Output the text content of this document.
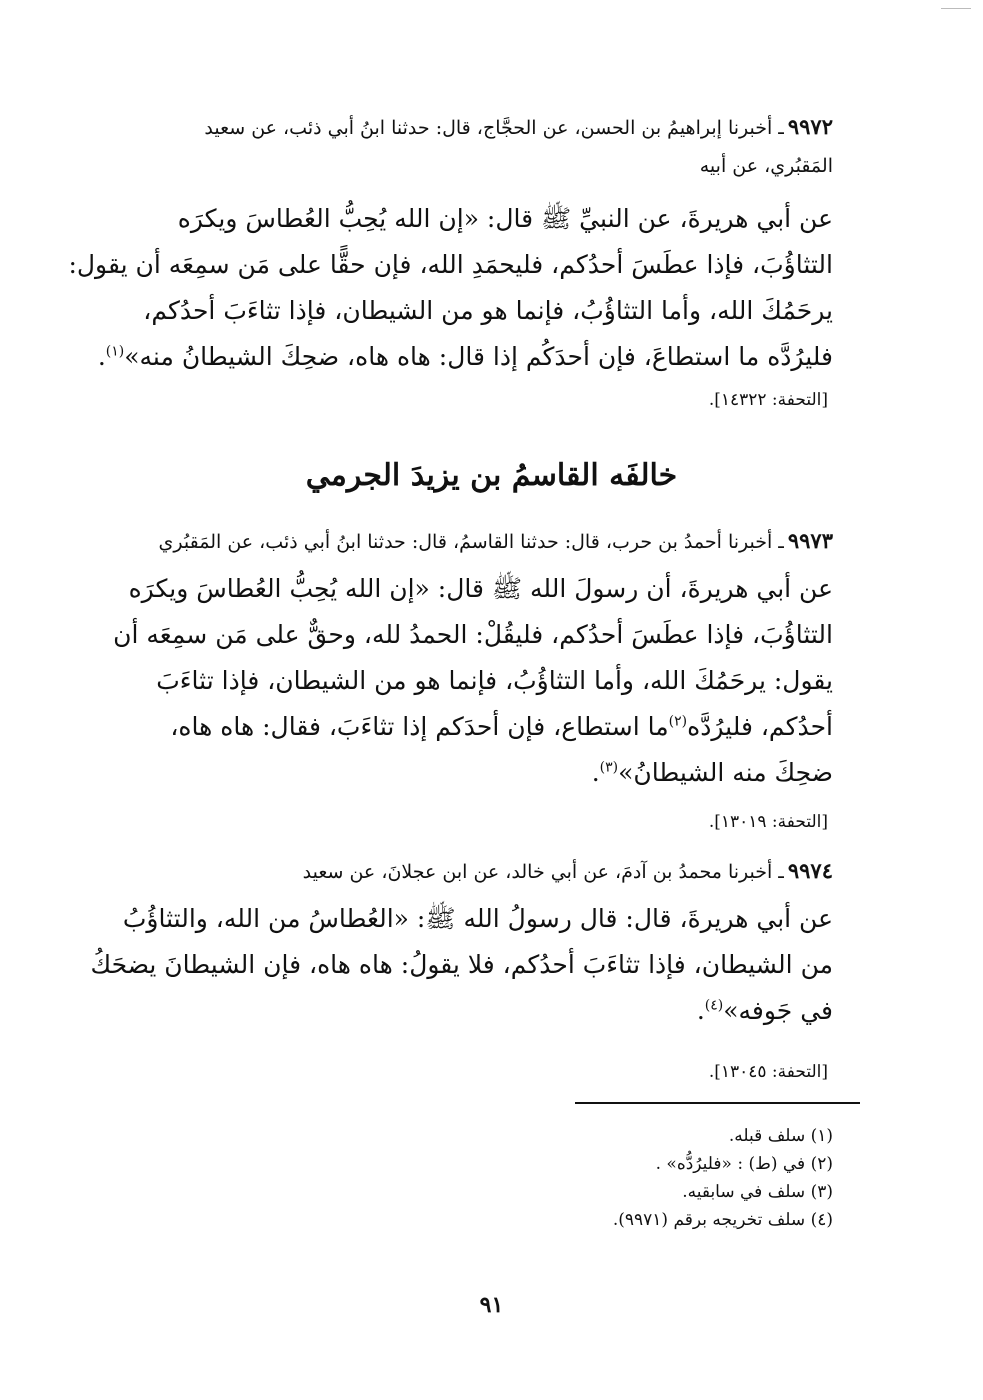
٩٩٧٢ـ أخبرنا إبراهيمُ بن الحسن، عن الحجَّاج، قال: حدثنا ابنُ أبي ذئب، عن سعيد
المَقبُري، عن أبيه
عن أبي هريرةَ، عن النبيِّ ﷺ قال: «إن الله يُحِبُّ العُطاسَ ويكرَه
التثاؤُبَ، فإذا عطَسَ أحدُكم، فليحمَدِ الله، فإن حقًّا على مَن سمِعَه أن يقول:
يرحَمُكَ الله، وأما التثاؤُبُ، فإنما هو من الشيطان، فإذا تثاءَبَ أحدُكم،
فليرُدَّه ما استطاعَ، فإن أحدَكُم إذا قال: هاه هاه، ضحِكَ الشيطانُ منه»$^{(١)}$.
[التحفة: ١٤٣٢٢].
خالفَه القاسمُ بن يزيدَ الجرمي
٩٩٧٣ـ أخبرنا أحمدُ بن حرب، قال: حدثنا القاسمُ، قال: حدثنا ابنُ أبي ذئب، عن المَقبُري
عن أبي هريرةَ، أن رسولَ الله ﷺ قال: «إن الله يُحِبُّ العُطاسَ ويكرَه
التثاؤُبَ، فإذا عطَسَ أحدُكم، فليقُلْ: الحمدُ لله، وحقٌّ على مَن سمِعَه أن
يقول: يرحَمُكَ الله، وأما التثاؤُبُ، فإنما هو من الشيطان، فإذا تثاءَبَ
أحدُكم، فليرُدَّه$^{(٢)}$ما استطاع، فإن أحدَكم إذا تثاءَبَ، فقال: هاه هاه،
ضحِكَ منه الشيطانُ»$^{(٣)}$.
[التحفة: ١٣٠١٩].
٩٩٧٤ـ أخبرنا محمدُ بن آدمَ، عن أبي خالد، عن ابن عجلانَ، عن سعيد
عن أبي هريرةَ، قال: قال رسولُ الله ﷺ: «العُطاسُ من الله، والتثاؤُبُ
من الشيطان، فإذا تثاءَبَ أحدُكم، فلا يقولُ: هاه هاه، فإن الشيطانَ يضحَكُ
في جَوفه»$^{(٤)}$.
[التحفة: ١٣٠٤٥].
(١) سلف قبله.
(٢) في (ط) : «فليرُدُّه» .
(٣) سلف في سابقيه.
(٤) سلف تخريجه برقم (٩٩٧١).
٩١
